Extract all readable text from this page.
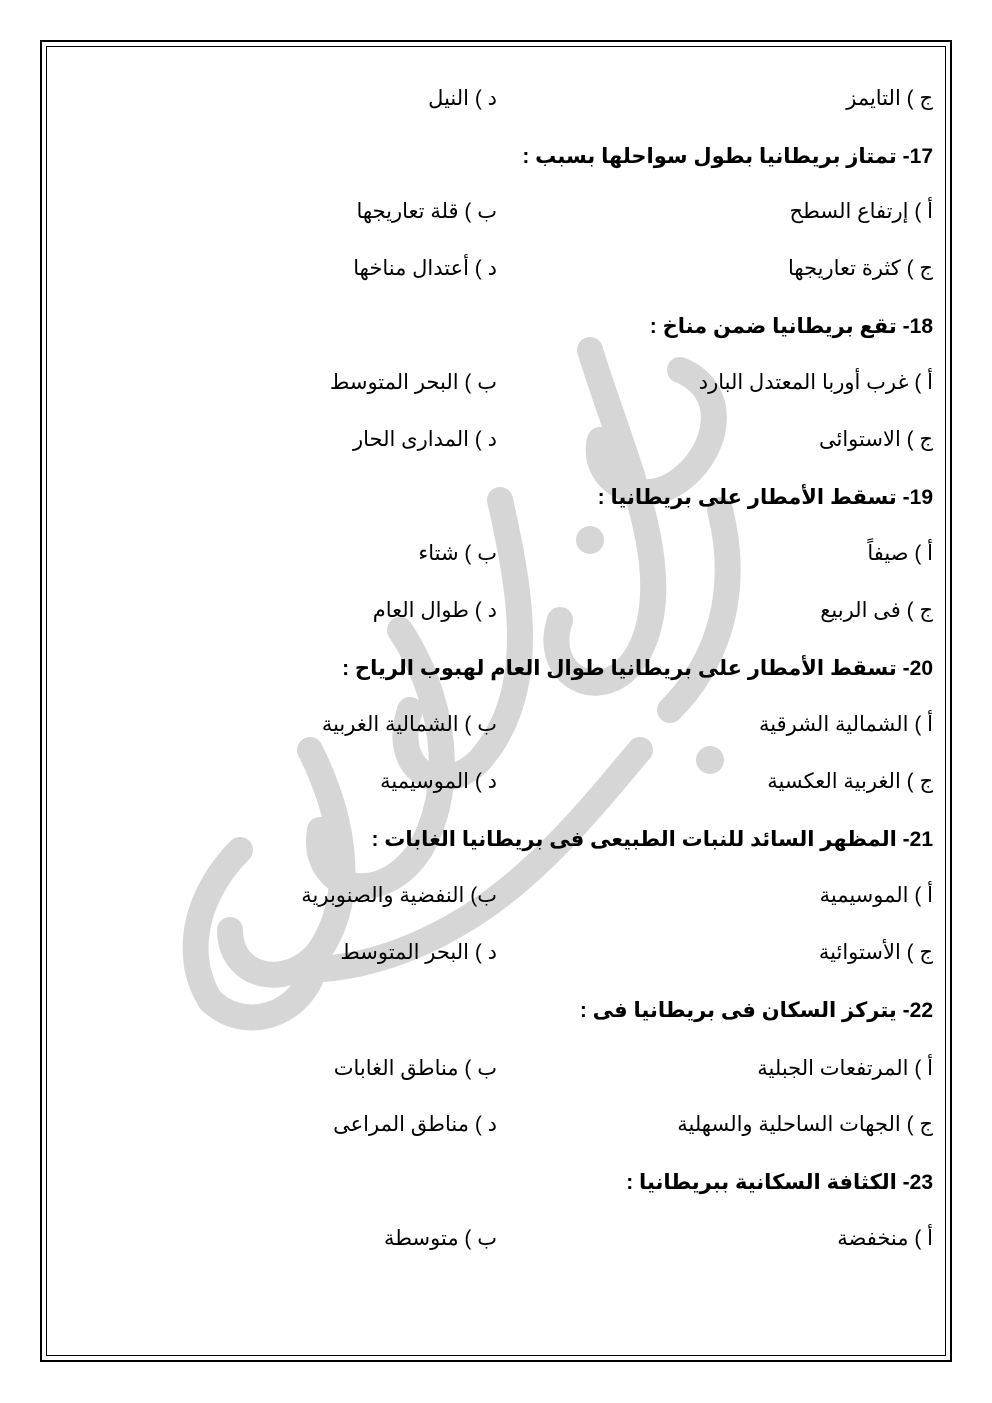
ج ) التايمز
د ) النيل
17- تمتاز بريطانيا بطول سواحلها بسبب :
أ ) إرتفاع السطح
ب ) قلة تعاريجها
ج ) كثرة تعاريجها
د ) أعتدال مناخها
18- تقع بريطانيا ضمن مناخ :
أ ) غرب أوربا المعتدل البارد
ب ) البحر المتوسط
ج ) الاستوائى
د ) المدارى الحار
19- تسقط الأمطار على بريطانيا :
أ ) صيفاً
ب ) شتاء
ج ) فى الربيع
د ) طوال العام
20- تسقط الأمطار على بريطانيا طوال العام لهبوب الرياح :
أ ) الشمالية الشرقية
ب ) الشمالية الغربية
ج ) الغربية العكسية
د ) الموسيمية
21- المظهر السائد للنبات الطبيعى فى بريطانيا الغابات :
أ ) الموسيمية
ب) النفضية والصنوبرية
ج ) الأستوائية
د ) البحر المتوسط
22- يتركز السكان فى بريطانيا فى :
أ ) المرتفعات الجبلية
ب ) مناطق الغابات
ج ) الجهات الساحلية والسهلية
د ) مناطق المراعى
23- الكثافة السكانية ببريطانيا :
أ ) منخفضة
ب ) متوسطة
